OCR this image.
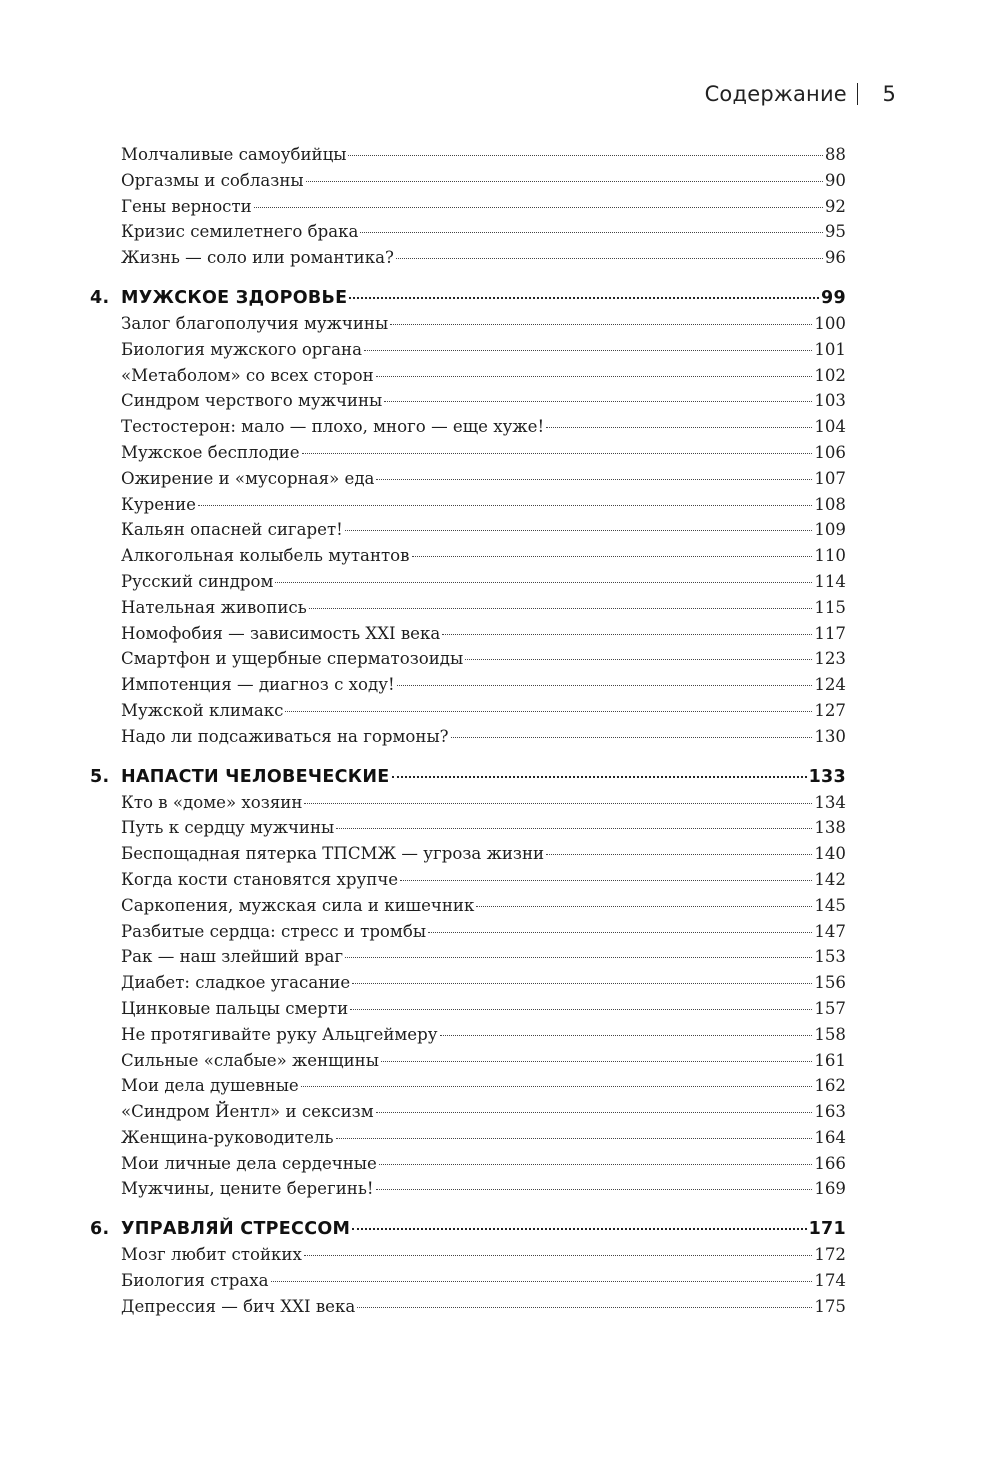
Содержание 5
Молчаливые самоубийцы	88
Оргазмы и соблазны	90
Гены верности	92
Кризис семилетнего брака	95
Жизнь — соло или романтика?	96
4. МУЖСКОЕ ЗДОРОВЬЕ	99
Залог благополучия мужчины	100
Биология мужского органа	101
«Метаболом» со всех сторон	102
Синдром черствого мужчины	103
Тестостерон: мало — плохо, много — еще хуже!	104
Мужское бесплодие	106
Ожирение и «мусорная» еда	107
Курение	108
Кальян опасней сигарет!	109
Алкогольная колыбель мутантов	110
Русский синдром	114
Нательная живопись	115
Номофобия — зависимость XXI века	117
Смартфон и ущербные сперматозоиды	123
Импотенция — диагноз с ходу!	124
Мужской климакс	127
Надо ли подсаживаться на гормоны?	130
5. НАПАСТИ ЧЕЛОВЕЧЕСКИЕ	133
Кто в «доме» хозяин	134
Путь к сердцу мужчины	138
Беспощадная пятерка ТПСМЖ — угроза жизни	140
Когда кости становятся хрупче	142
Саркопения, мужская сила и кишечник	145
Разбитые сердца: стресс и тромбы	147
Рак — наш злейший враг	153
Диабет: сладкое угасание	156
Цинковые пальцы смерти	157
Не протягивайте руку Альцгеймеру	158
Сильные «слабые» женщины	161
Мои дела душевные	162
«Синдром Йентл» и сексизм	163
Женщина-руководитель	164
Мои личные дела сердечные	166
Мужчины, цените берегинь!	169
6. УПРАВЛЯЙ СТРЕССОМ	171
Мозг любит стойких	172
Биология страха	174
Депрессия — бич XXI века	175
